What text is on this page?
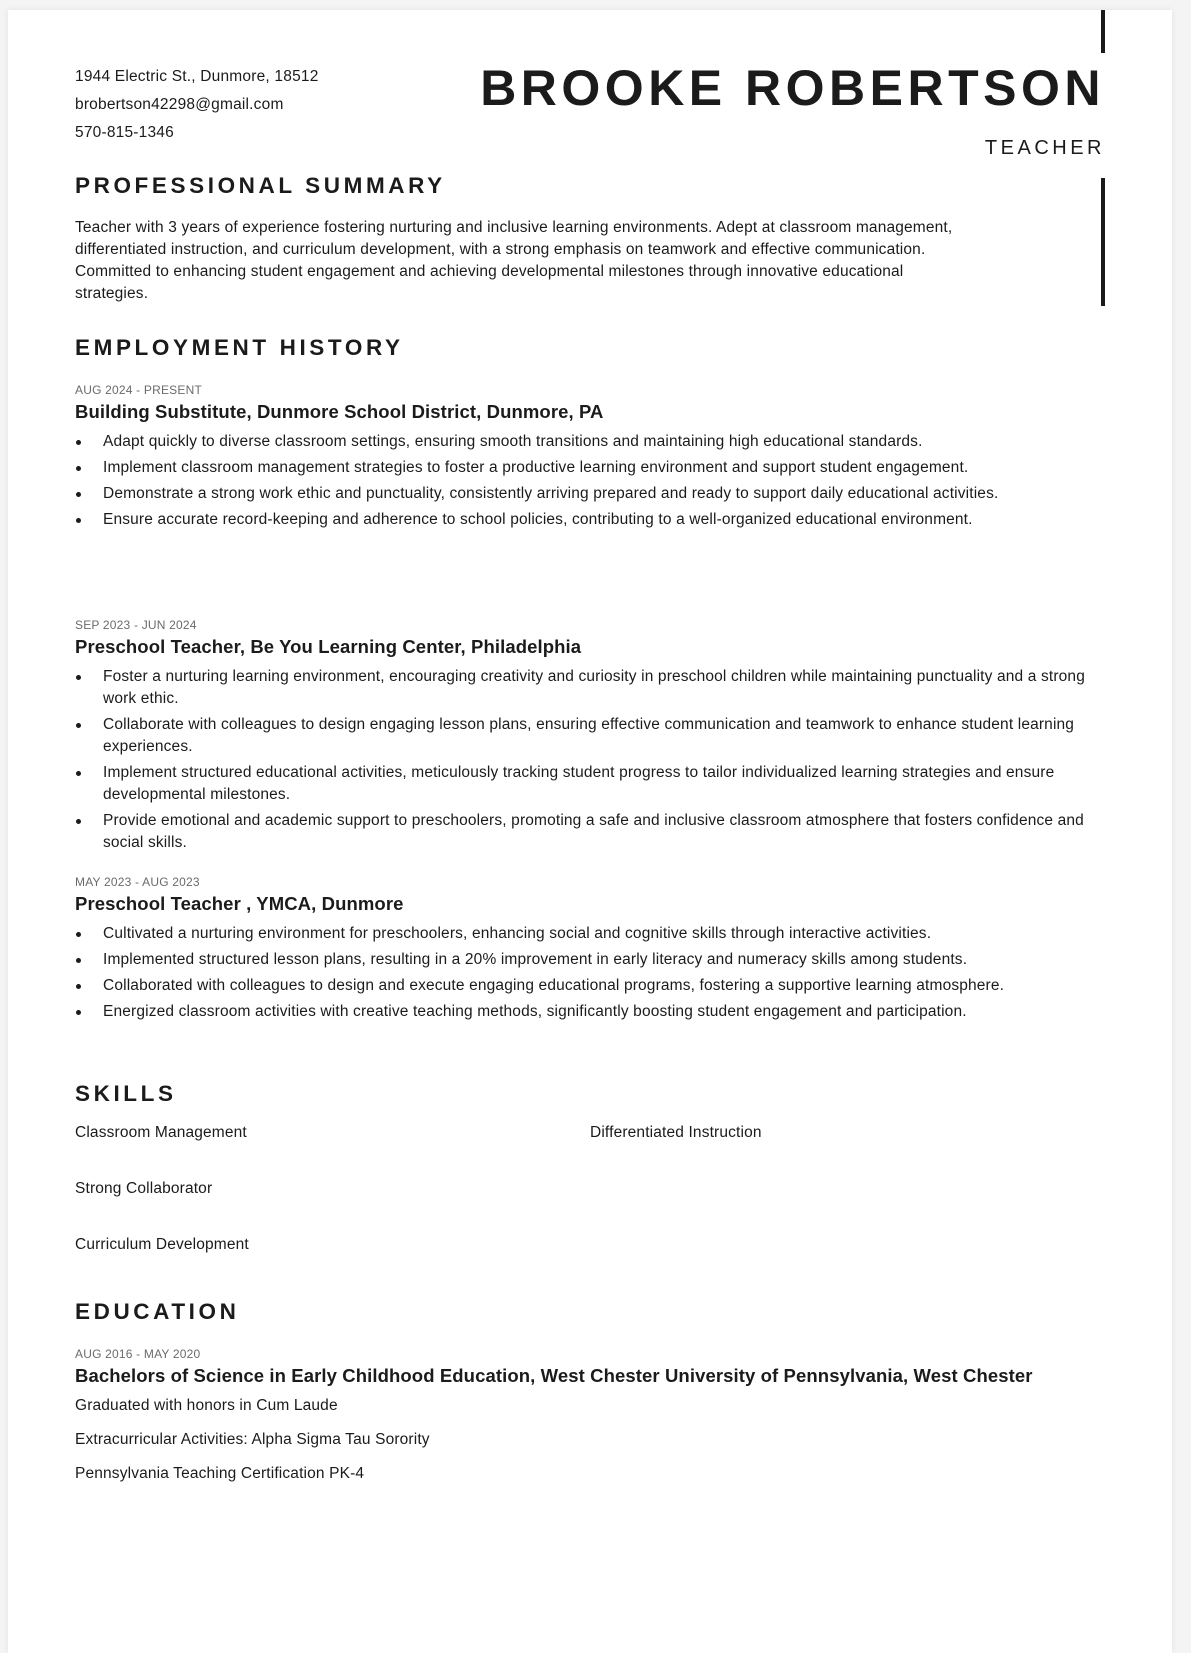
1944 Electric St., Dunmore, 18512
brobertson42298@gmail.com
570-815-1346
BROOKE ROBERTSON
TEACHER
PROFESSIONAL SUMMARY
Teacher with 3 years of experience fostering nurturing and inclusive learning environments. Adept at classroom management, differentiated instruction, and curriculum development, with a strong emphasis on teamwork and effective communication. Committed to enhancing student engagement and achieving developmental milestones through innovative educational strategies.
EMPLOYMENT HISTORY
AUG 2024 - PRESENT
Building Substitute, Dunmore School District, Dunmore, PA
Adapt quickly to diverse classroom settings, ensuring smooth transitions and maintaining high educational standards.
Implement classroom management strategies to foster a productive learning environment and support student engagement.
Demonstrate a strong work ethic and punctuality, consistently arriving prepared and ready to support daily educational activities.
Ensure accurate record-keeping and adherence to school policies, contributing to a well-organized educational environment.
SEP 2023 - JUN 2024
Preschool Teacher, Be You Learning Center, Philadelphia
Foster a nurturing learning environment, encouraging creativity and curiosity in preschool children while maintaining punctuality and a strong work ethic.
Collaborate with colleagues to design engaging lesson plans, ensuring effective communication and teamwork to enhance student learning experiences.
Implement structured educational activities, meticulously tracking student progress to tailor individualized learning strategies and ensure developmental milestones.
Provide emotional and academic support to preschoolers, promoting a safe and inclusive classroom atmosphere that fosters confidence and social skills.
MAY 2023 - AUG 2023
Preschool Teacher , YMCA, Dunmore
Cultivated a nurturing environment for preschoolers, enhancing social and cognitive skills through interactive activities.
Implemented structured lesson plans, resulting in a 20% improvement in early literacy and numeracy skills among students.
Collaborated with colleagues to design and execute engaging educational programs, fostering a supportive learning atmosphere.
Energized classroom activities with creative teaching methods, significantly boosting student engagement and participation.
SKILLS
Classroom Management	Differentiated Instruction
Strong Collaborator
Curriculum Development
EDUCATION
AUG 2016 - MAY 2020
Bachelors of Science in Early Childhood Education, West Chester University of Pennsylvania, West Chester
Graduated with honors in Cum Laude
Extracurricular Activities: Alpha Sigma Tau Sorority
Pennsylvania Teaching Certification PK-4
